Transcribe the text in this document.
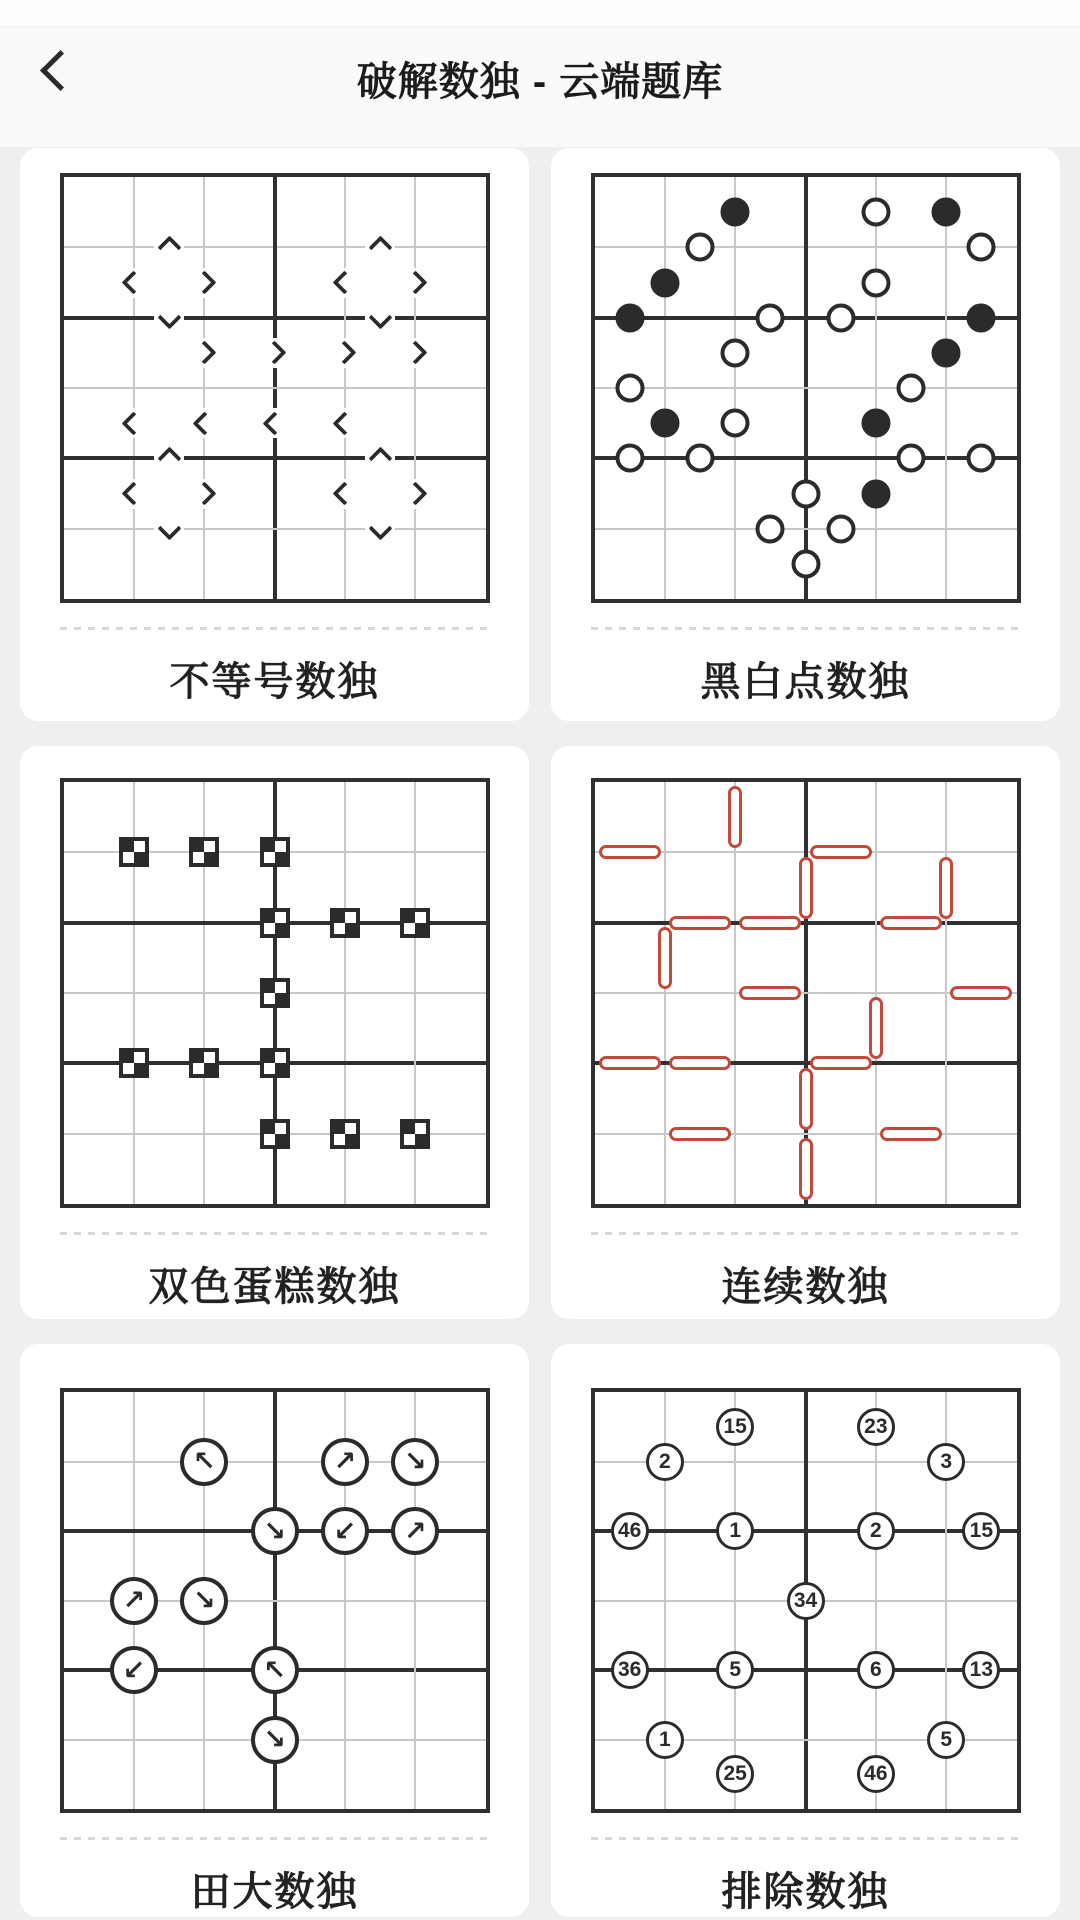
破解数独 - 云端题库
不等号数独	黑白点数独
双色蛋糕数独	连续数独
↖	↗	↘
↘	↙	↗
↗	↘
↙	↖
↘
田大数独
15	23
2	3
46	1	2	15
34
36	5	6	13
1	5
25	46
排除数独
